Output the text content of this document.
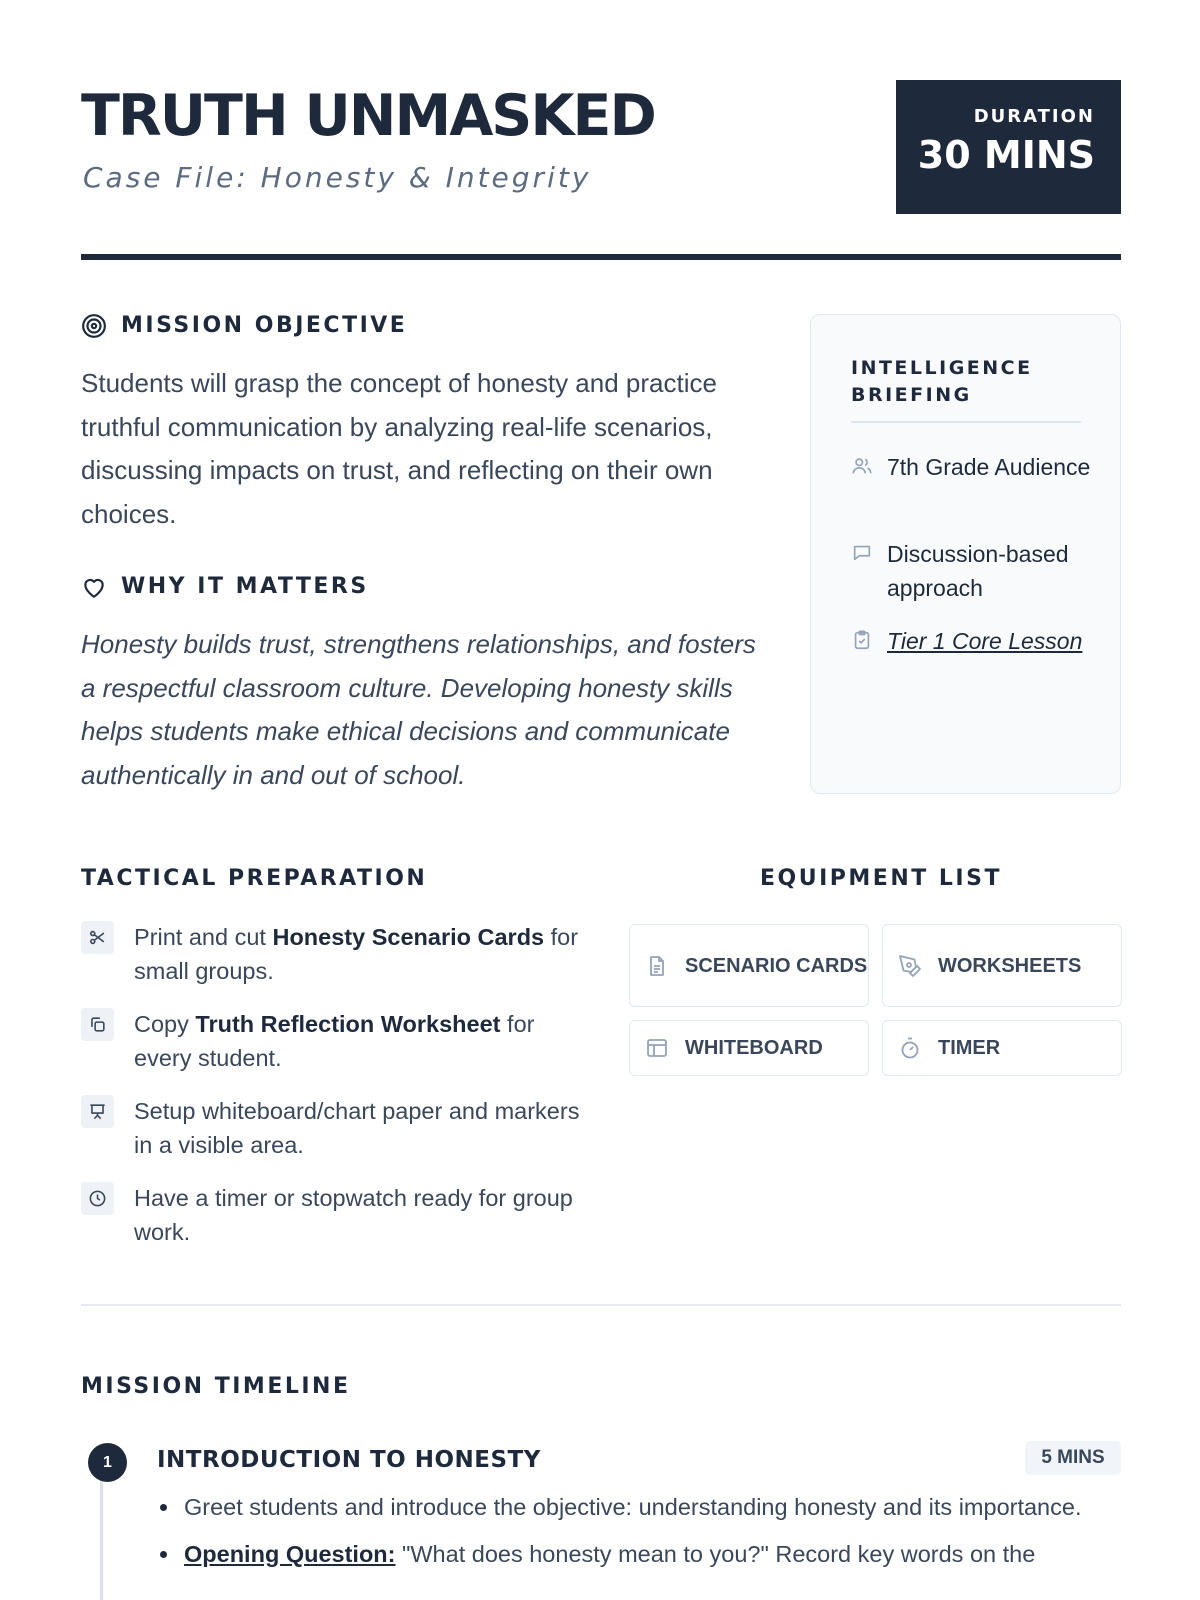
TRUTH UNMASKED
Case File: Honesty & Integrity
DURATION
30 MINS
MISSION OBJECTIVE
Students will grasp the concept of honesty and practice truthful communication by analyzing real-life scenarios, discussing impacts on trust, and reflecting on their own choices.
WHY IT MATTERS
Honesty builds trust, strengthens relationships, and fosters a respectful classroom culture. Developing honesty skills helps students make ethical decisions and communicate authentically in and out of school.
INTELLIGENCE BRIEFING
7th Grade Audience
Discussion-based approach
Tier 1 Core Lesson
TACTICAL PREPARATION
Print and cut Honesty Scenario Cards for small groups.
Copy Truth Reflection Worksheet for every student.
Setup whiteboard/chart paper and markers in a visible area.
Have a timer or stopwatch ready for group work.
EQUIPMENT LIST
SCENARIO CARDS	WORKSHEETS
WHITEBOARD	TIMER
MISSION TIMELINE
1	INTRODUCTION TO HONESTY	5 MINS
Greet students and introduce the objective: understanding honesty and its importance.
Opening Question: "What does honesty mean to you?" Record key words on the
